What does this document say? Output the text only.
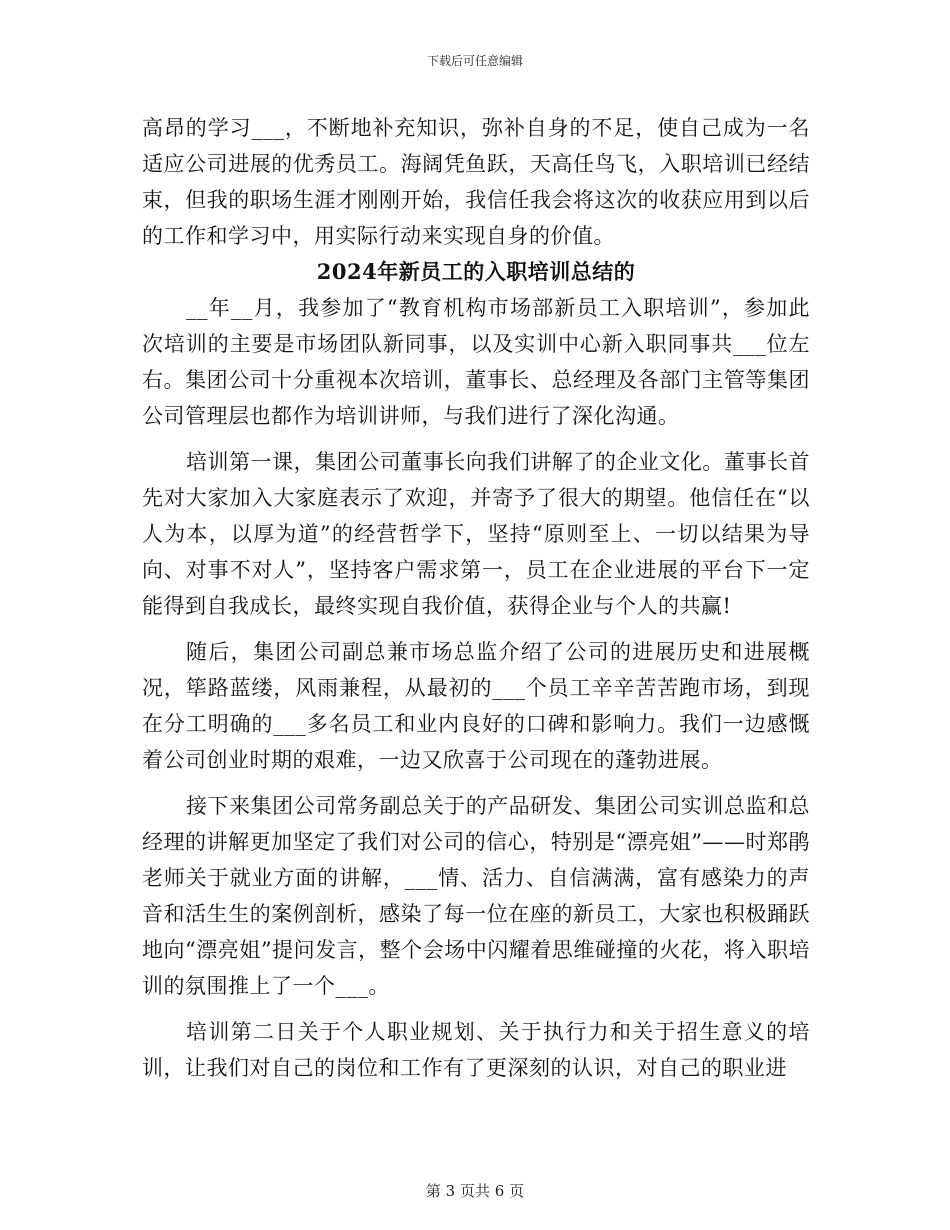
下载后可任意编辑

高昂的学习___，不断地补充知识，弥补自身的不足，使自己成为一名适应公司进展的优秀员工。海阔凭鱼跃，天高任鸟飞，入职培训已经结束，但我的职场生涯才刚刚开始，我信任我会将这次的收获应用到以后的工作和学习中，用实际行动来实现自身的价值。

2024年新员工的入职培训总结的

__年__月，我参加了“教育机构市场部新员工入职培训”，参加此次培训的主要是市场团队新同事，以及实训中心新入职同事共___位左右。集团公司十分重视本次培训，董事长、总经理及各部门主管等集团公司管理层也都作为培训讲师，与我们进行了深化沟通。

培训第一课，集团公司董事长向我们讲解了的企业文化。董事长首先对大家加入大家庭表示了欢迎，并寄予了很大的期望。他信任在“以人为本，以厚为道”的经营哲学下，坚持“原则至上、一切以结果为导向、对事不对人”，坚持客户需求第一，员工在企业进展的平台下一定能得到自我成长，最终实现自我价值，获得企业与个人的共赢!

随后，集团公司副总兼市场总监介绍了公司的进展历史和进展概况，筚路蓝缕，风雨兼程，从最初的___个员工辛辛苦苦跑市场，到现在分工明确的___多名员工和业内良好的口碑和影响力。我们一边感慨着公司创业时期的艰难，一边又欣喜于公司现在的蓬勃进展。

接下来集团公司常务副总关于的产品研发、集团公司实训总监和总经理的讲解更加坚定了我们对公司的信心，特别是“漂亮姐”——时郑鹃老师关于就业方面的讲解，___情、活力、自信满满，富有感染力的声音和活生生的案例剖析，感染了每一位在座的新员工，大家也积极踊跃地向“漂亮姐”提问发言，整个会场中闪耀着思维碰撞的火花，将入职培训的氛围推上了一个___。

培训第二日关于个人职业规划、关于执行力和关于招生意义的培训，让我们对自己的岗位和工作有了更深刻的认识，对自己的职业进

第 3 页共 6 页
